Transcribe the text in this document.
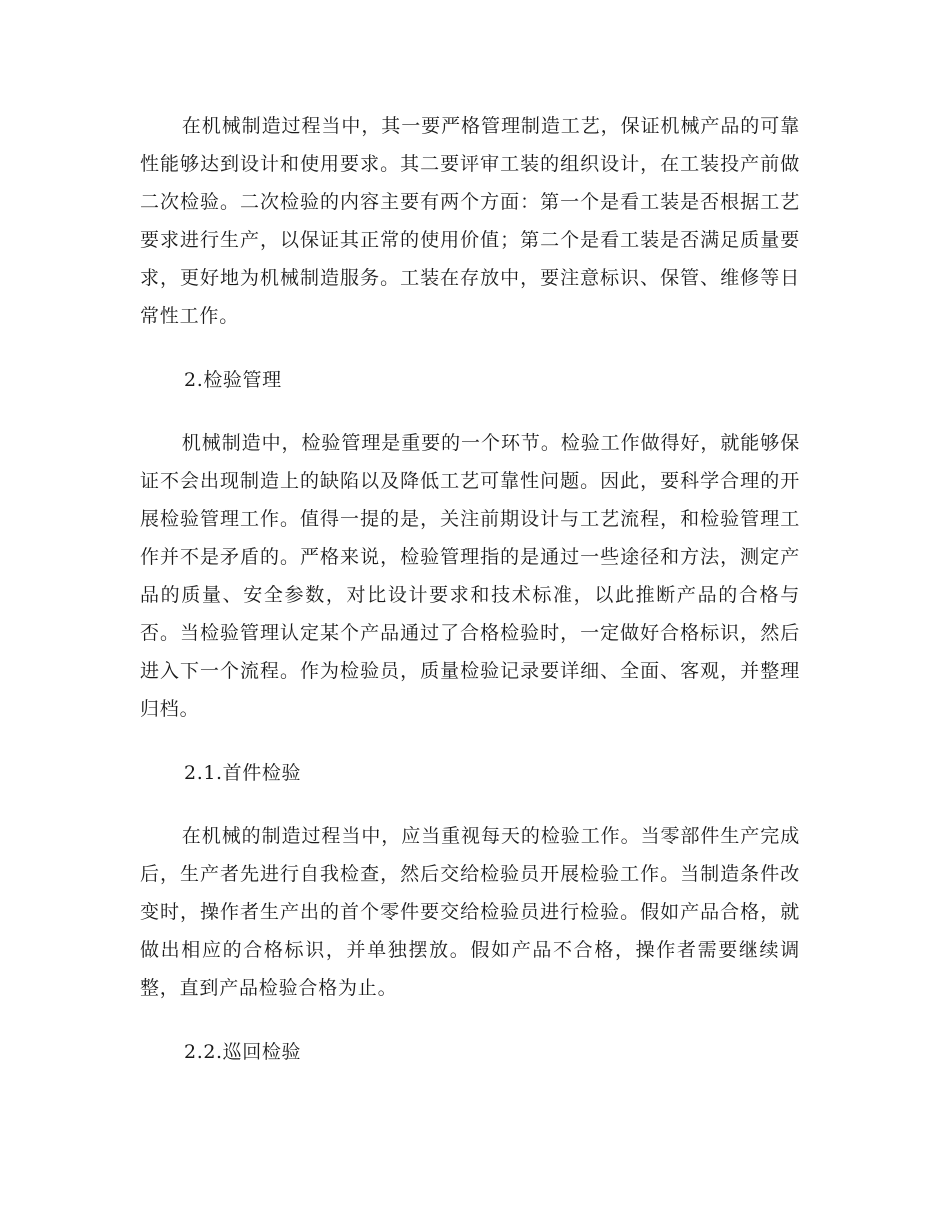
在机械制造过程当中，其一要严格管理制造工艺，保证机械产品的可靠性能够达到设计和使用要求。其二要评审工装的组织设计，在工装投产前做二次检验。二次检验的内容主要有两个方面：第一个是看工装是否根据工艺要求进行生产，以保证其正常的使用价值；第二个是看工装是否满足质量要求，更好地为机械制造服务。工装在存放中，要注意标识、保管、维修等日常性工作。

2.检验管理

机械制造中，检验管理是重要的一个环节。检验工作做得好，就能够保证不会出现制造上的缺陷以及降低工艺可靠性问题。因此，要科学合理的开展检验管理工作。值得一提的是，关注前期设计与工艺流程，和检验管理工作并不是矛盾的。严格来说，检验管理指的是通过一些途径和方法，测定产品的质量、安全参数，对比设计要求和技术标准，以此推断产品的合格与否。当检验管理认定某个产品通过了合格检验时，一定做好合格标识，然后进入下一个流程。作为检验员，质量检验记录要详细、全面、客观，并整理归档。

2.1.首件检验

在机械的制造过程当中，应当重视每天的检验工作。当零部件生产完成后，生产者先进行自我检查，然后交给检验员开展检验工作。当制造条件改变时，操作者生产出的首个零件要交给检验员进行检验。假如产品合格，就做出相应的合格标识，并单独摆放。假如产品不合格，操作者需要继续调整，直到产品检验合格为止。

2.2.巡回检验
